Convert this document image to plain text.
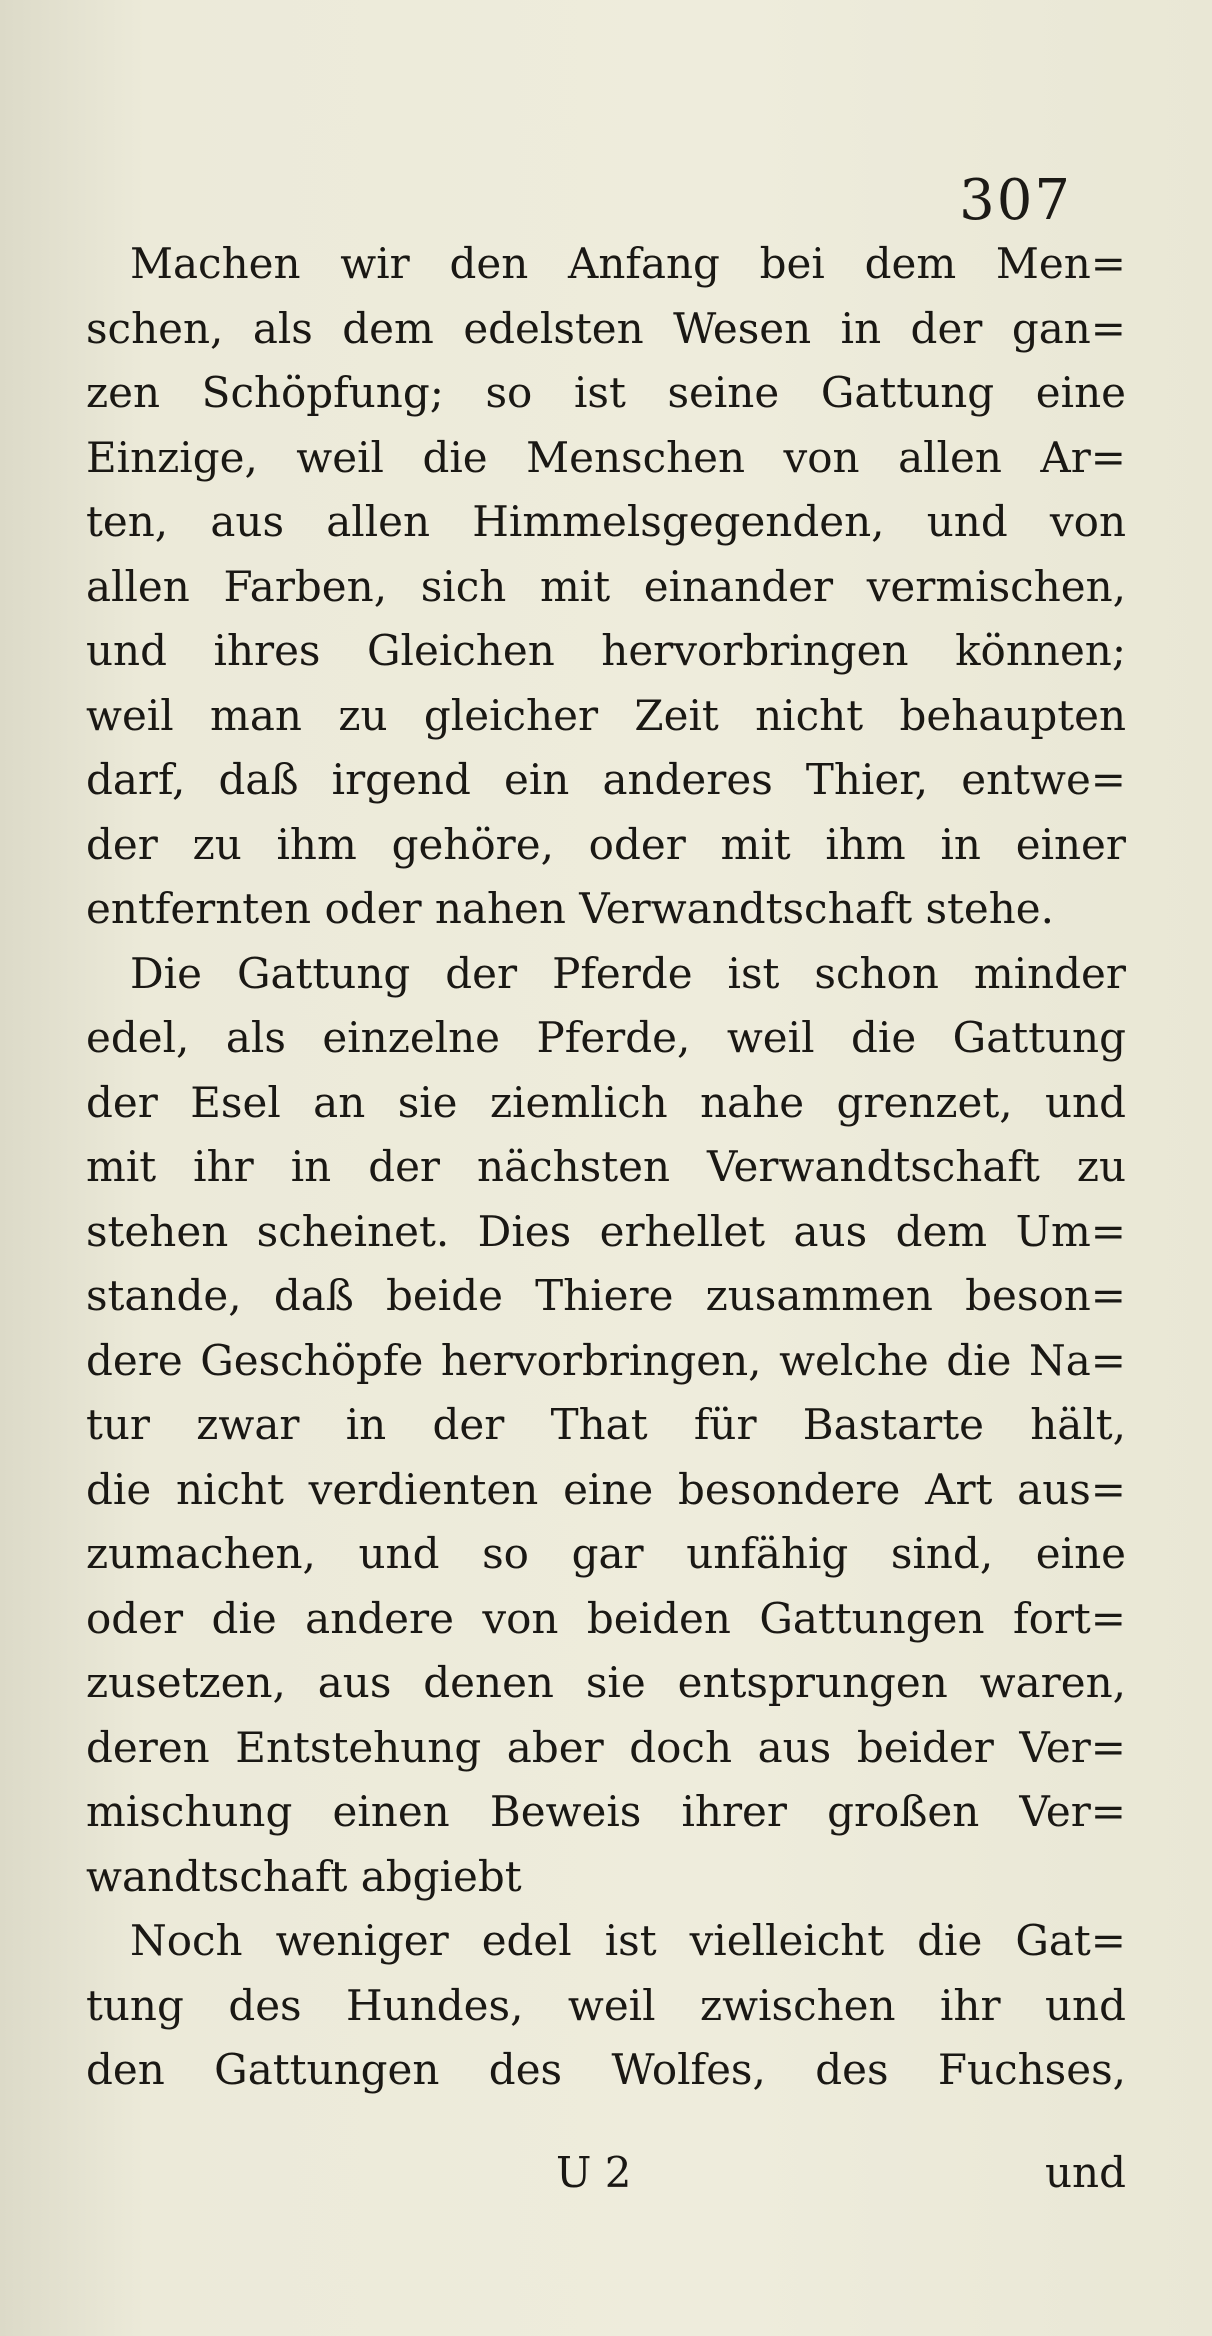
307
Machen wir den Anfang bei dem Men=
schen, als dem edelsten Wesen in der gan=
zen Schöpfung; so ist seine Gattung eine
Einzige, weil die Menschen von allen Ar=
ten, aus allen Himmelsgegenden, und von
allen Farben, sich mit einander vermischen,
und ihres Gleichen hervorbringen können;
weil man zu gleicher Zeit nicht behaupten
darf, daß irgend ein anderes Thier, entwe=
der zu ihm gehöre, oder mit ihm in einer
entfernten oder nahen Verwandtschaft stehe.
Die Gattung der Pferde ist schon minder
edel, als einzelne Pferde, weil die Gattung
der Esel an sie ziemlich nahe grenzet, und
mit ihr in der nächsten Verwandtschaft zu
stehen scheinet. Dies erhellet aus dem Um=
stande, daß beide Thiere zusammen beson=
dere Geschöpfe hervorbringen, welche die Na=
tur zwar in der That für Bastarte hält,
die nicht verdienten eine besondere Art aus=
zumachen, und so gar unfähig sind, eine
oder die andere von beiden Gattungen fort=
zusetzen, aus denen sie entsprungen waren,
deren Entstehung aber doch aus beider Ver=
mischung einen Beweis ihrer großen Ver=
wandtschaft abgiebt
Noch weniger edel ist vielleicht die Gat=
tung des Hundes, weil zwischen ihr und
den Gattungen des Wolfes, des Fuchses,
U 2	und
